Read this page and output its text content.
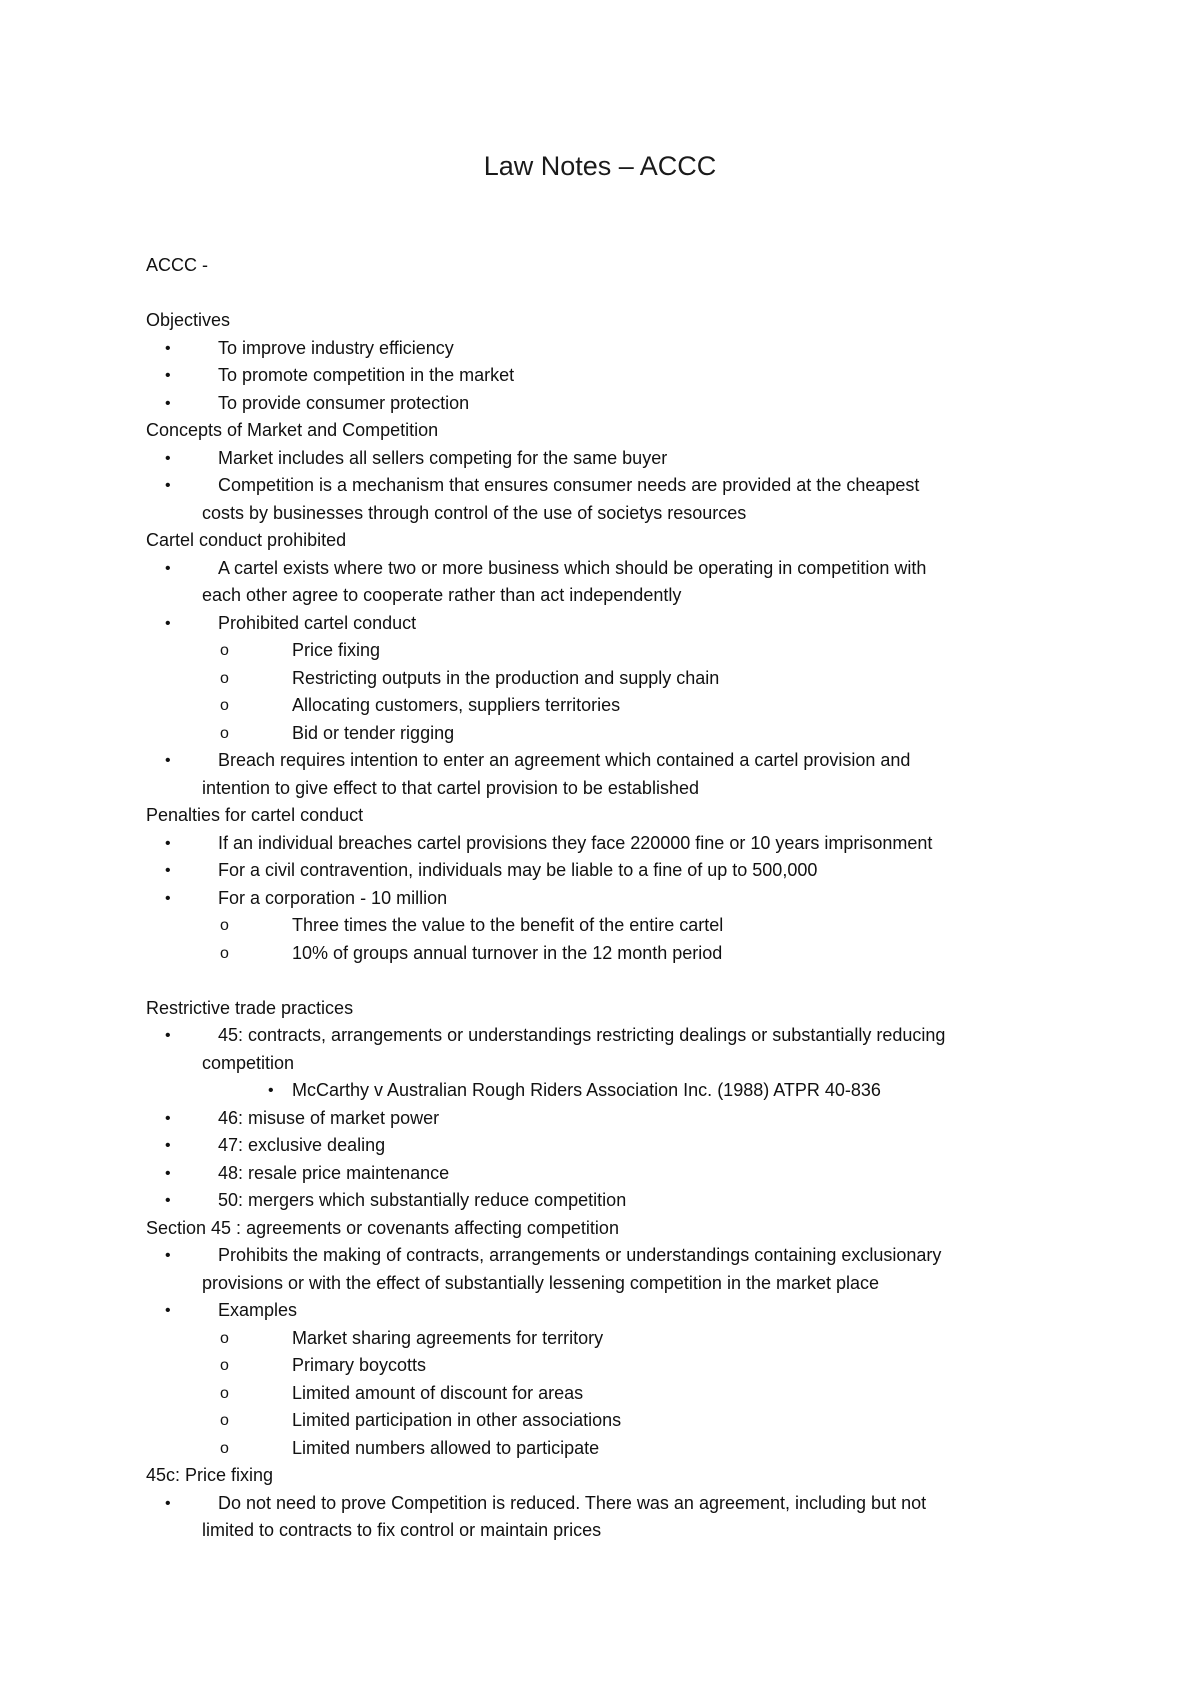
Law Notes – ACCC
ACCC -
Objectives
•	To improve industry efficiency
•	To promote competition in the market
•	To provide consumer protection
Concepts of Market and Competition
•	Market includes all sellers competing for the same buyer
•	Competition is a mechanism that ensures consumer needs are provided at the cheapest
costs by businesses through control of the use of societys resources
Cartel conduct prohibited
•	A cartel exists where two or more business which should be operating in competition with
each other agree to cooperate rather than act independently
•	Prohibited cartel conduct
o	Price fixing
o	Restricting outputs in the production and supply chain
o	Allocating customers, suppliers territories
o	Bid or tender rigging
•	Breach requires intention to enter an agreement which contained a cartel provision and
intention to give effect to that cartel provision to be established
Penalties for cartel conduct
•	If an individual breaches cartel provisions they face 220000 fine or 10 years imprisonment
•	For a civil contravention, individuals may be liable to a fine of up to 500,000
•	For a corporation - 10 million
o	Three times the value to the benefit of the entire cartel
o	10% of groups annual turnover in the 12 month period
Restrictive trade practices
•	45: contracts, arrangements or understandings restricting dealings or substantially reducing
competition
• McCarthy v Australian Rough Riders Association Inc. (1988) ATPR 40-836
•	46: misuse of market power
•	47: exclusive dealing
•	48: resale price maintenance
•	50: mergers which substantially reduce competition
Section 45 : agreements or covenants affecting competition
•	Prohibits the making of contracts, arrangements or understandings containing exclusionary
provisions or with the effect of substantially lessening competition in the market place
•	Examples
o	Market sharing agreements for territory
o	Primary boycotts
o	Limited amount of discount for areas
o	Limited participation in other associations
o	Limited numbers allowed to participate
45c: Price fixing
•	Do not need to prove Competition is reduced. There was an agreement, including but not
limited to contracts to fix control or maintain prices
